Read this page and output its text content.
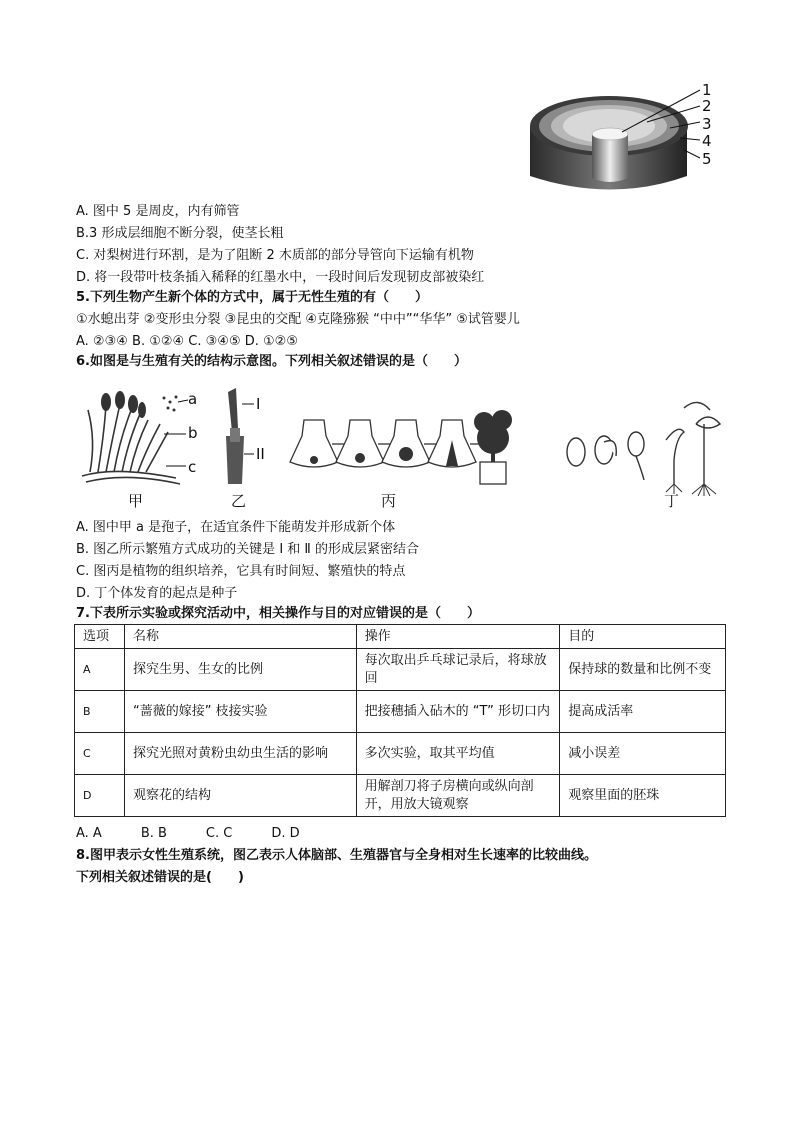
1
2
3
4
5
A. 图中 5 是周皮，内有筛管
B.3 形成层细胞不断分裂，使茎长粗
C. 对梨树进行环割，是为了阻断 2 木质部的部分导管向下运输有机物
D. 将一段带叶枝条插入稀释的红墨水中，一段时间后发现韧皮部被染红
5.下列生物产生新个体的方式中，属于无性生殖的有（　　）
①水螅出芽 ②变形虫分裂 ③昆虫的交配 ④克隆猕猴 “中中”“华华” ⑤试管婴儿
A. ②③④ B. ①②④ C. ③④⑤ D. ①②⑤
6.如图是与生殖有关的结构示意图。下列相关叙述错误的是（　　）
a
b
c
甲
I
II
乙	丙	丁
A. 图中甲 a 是孢子，在适宜条件下能萌发并形成新个体
B. 图乙所示繁殖方式成功的关键是 Ⅰ 和 Ⅱ 的形成层紧密结合
C. 图丙是植物的组织培养，它具有时间短、繁殖快的特点
D. 丁个体发育的起点是种子
7.下表所示实验或探究活动中，相关操作与目的对应错误的是（　　）
选项	名称	操作	目的
A	探究生男、生女的比例	每次取出乒乓球记录后，将球放回	保持球的数量和比例不变
B	“蔷薇的嫁接” 枝接实验	把接穗插入砧木的 “T” 形切口内	提高成活率
C	探究光照对黄粉虫幼虫生活的影响	多次实验，取其平均值	减小误差
D	观察花的结构	用解剖刀将子房横向或纵向剖开，用放大镜观察	观察里面的胚珠
A. A　　　B. B　　　C. C　　　D. D
8.图甲表示女性生殖系统，图乙表示人体脑部、生殖器官与全身相对生长速率的比较曲线。
下列相关叙述错误的是(　　)
